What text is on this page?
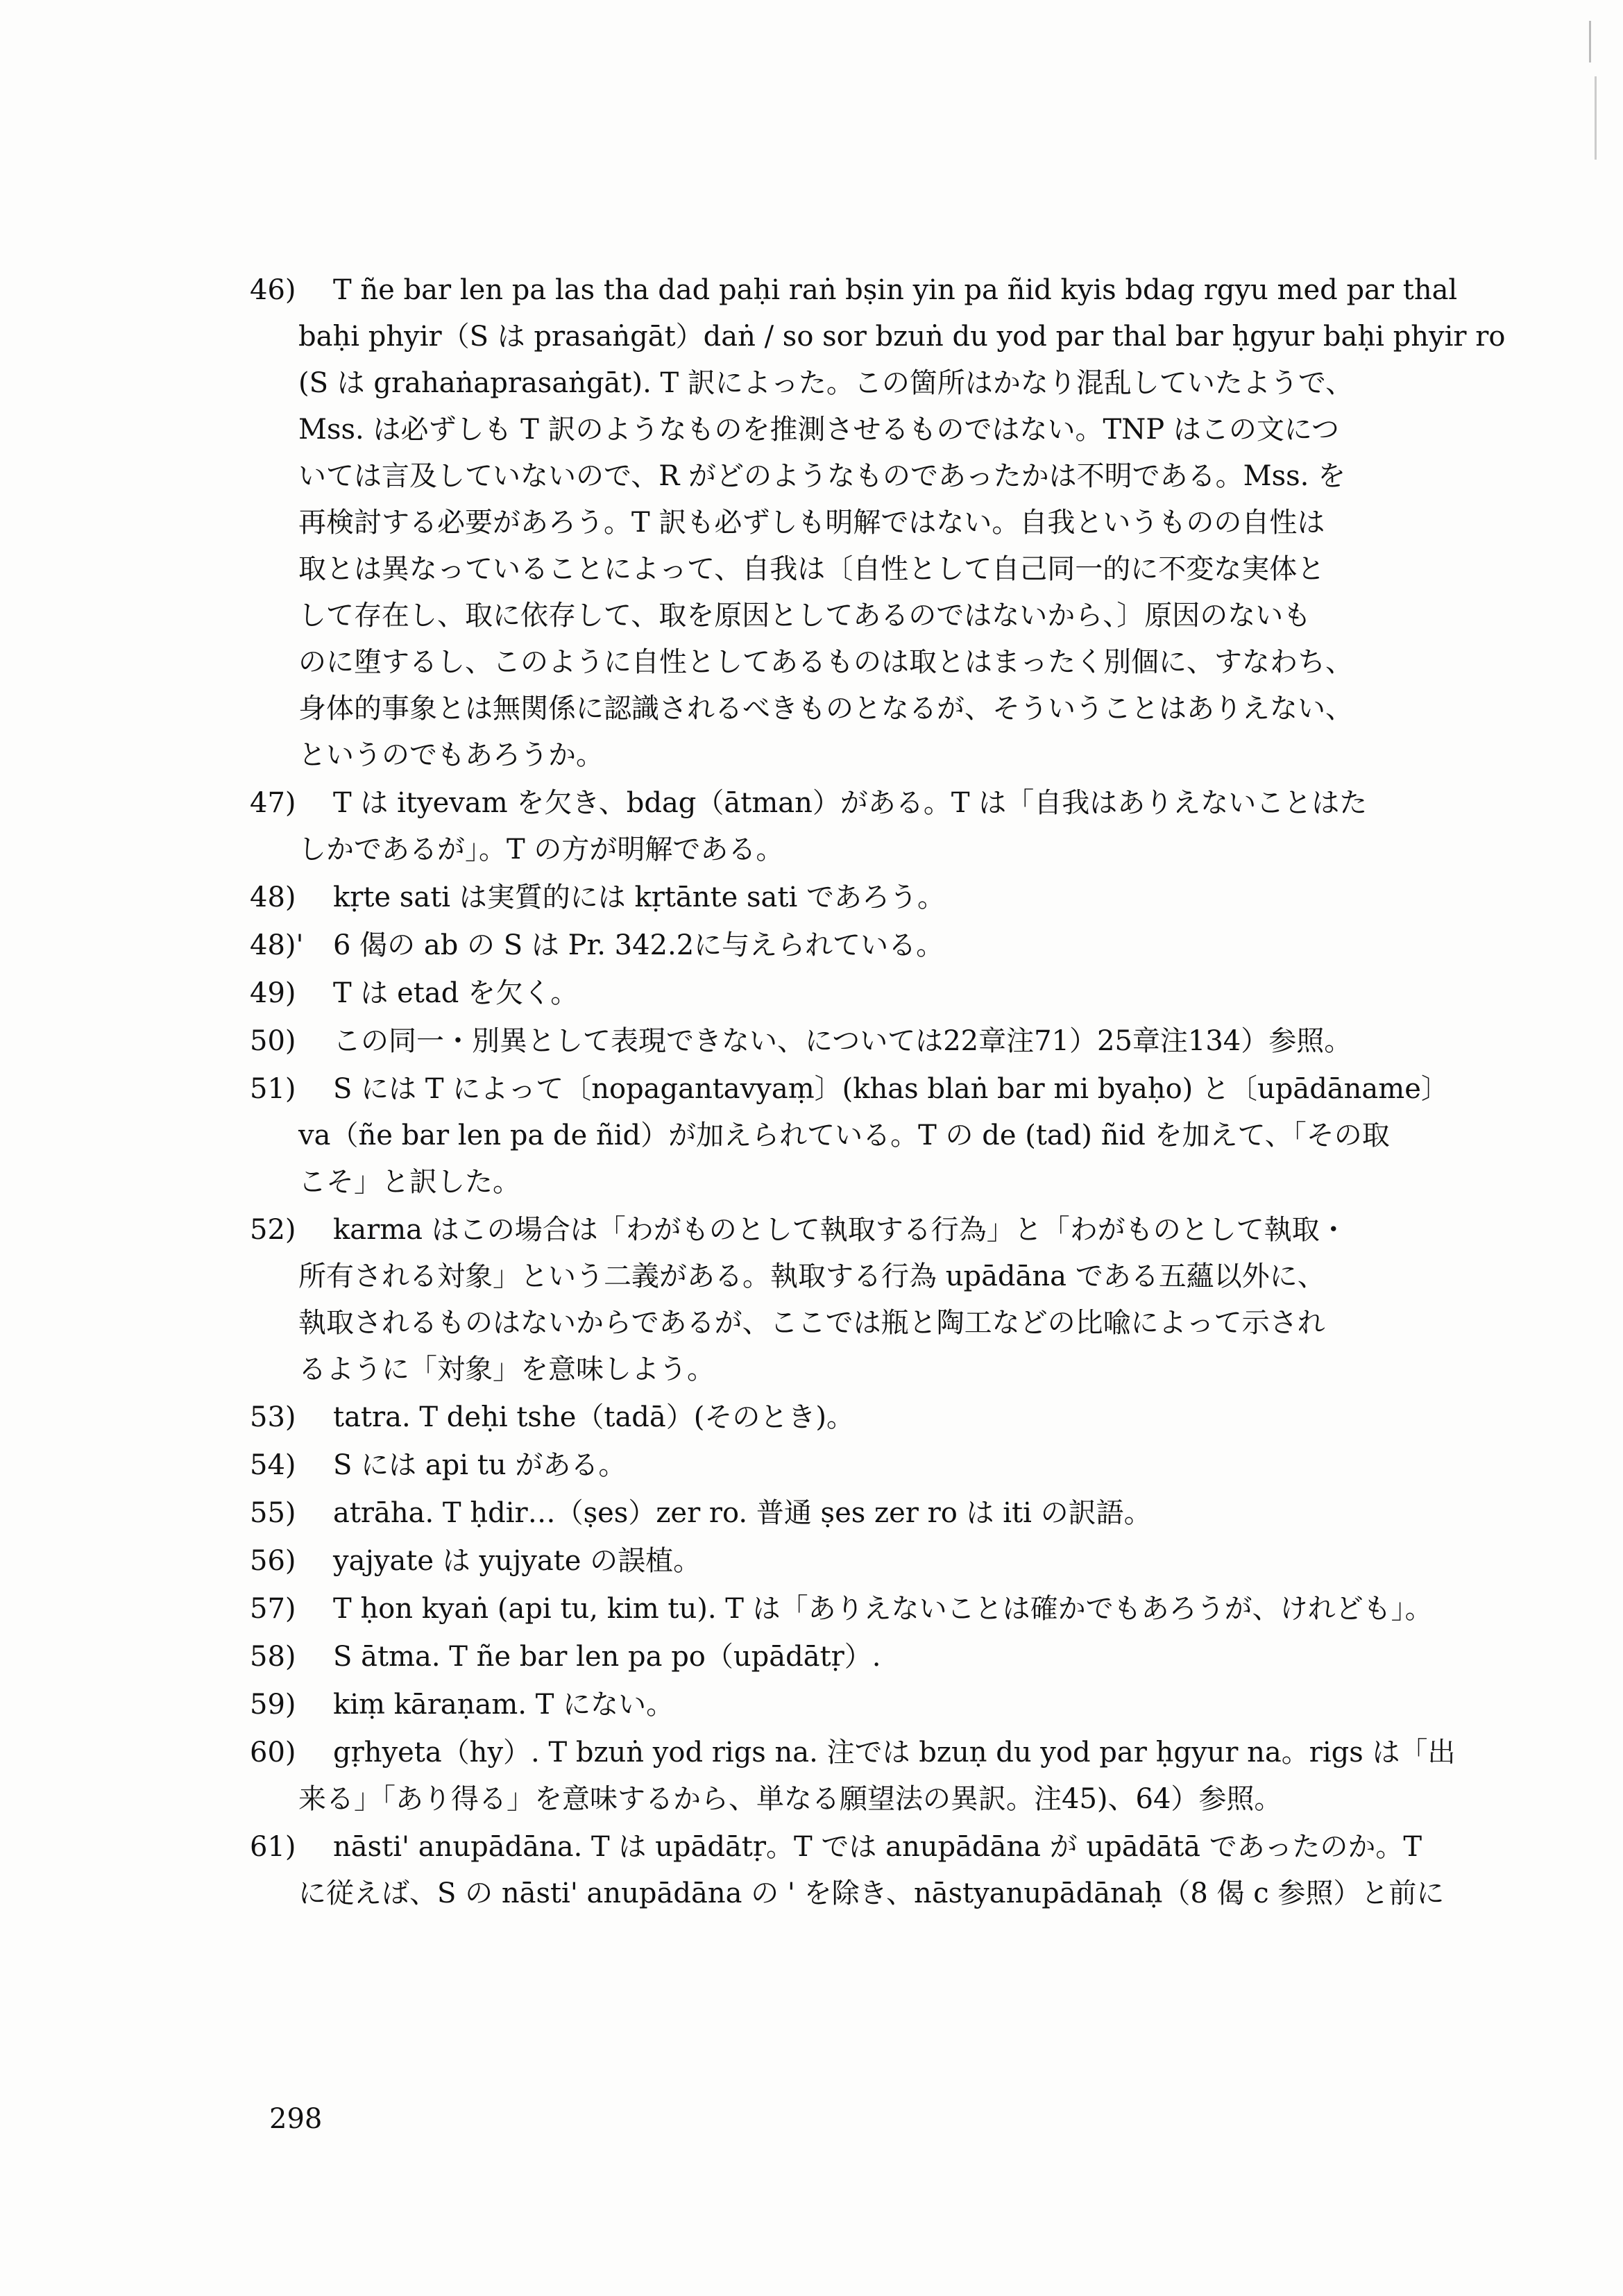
46)	T ñe bar len pa las tha dad paḥi raṅ bṣin yin pa ñid kyis bdag rgyu med par thal
baḥi phyir（S は prasaṅgāt）daṅ / so sor bzuṅ du yod par thal bar ḥgyur baḥi phyir ro
(S は grahaṅaprasaṅgāt). T 訳によった。この箇所はかなり混乱していたようで、
Mss. は必ずしも T 訳のようなものを推測させるものではない。TNP はこの文につ
いては言及していないので、R がどのようなものであったかは不明である。Mss. を
再検討する必要があろう。T 訳も必ずしも明解ではない。自我というものの自性は
取とは異なっていることによって、自我は〔自性として自己同一的に不変な実体と
して存在し、取に依存して、取を原因としてあるのではないから、〕原因のないも
のに堕するし、このように自性としてあるものは取とはまったく別個に、すなわち、
身体的事象とは無関係に認識されるべきものとなるが、そういうことはありえない、
というのでもあろうか。
47)	T は ityevam を欠き、bdag（ātman）がある。T は「自我はありえないことはた
しかであるが」。T の方が明解である。
48)	kṛte sati は実質的には kṛtānte sati であろう。
48)'	6 偈の ab の S は Pr. 342.2に与えられている。
49)	T は etad を欠く。
50)	この同一・別異として表現できない、については22章注71）25章注134）参照。
51)	S には T によって〔nopagantavyaṃ〕(khas blaṅ bar mi byaḥo) と〔upādāname〕
va（ñe bar len pa de ñid）が加えられている。T の de (tad) ñid を加えて、「その取
こそ」と訳した。
52)	karma はこの場合は「わがものとして執取する行為」と「わがものとして執取・
所有される対象」という二義がある。執取する行為 upādāna である五蘊以外に、
執取されるものはないからであるが、ここでは瓶と陶工などの比喩によって示され
るように「対象」を意味しよう。
53)	tatra. T deḥi tshe（tadā）(そのとき)。
54)	S には api tu がある。
55)	atrāha. T ḥdir…（ṣes）zer ro. 普通 ṣes zer ro は iti の訳語。
56)	yajyate は yujyate の誤植。
57)	T ḥon kyaṅ (api tu, kim tu). T は「ありえないことは確かでもあろうが、けれども」。
58)	S ātma. T ñe bar len pa po（upādātṛ）.
59)	kiṃ kāraṇam. T にない。
60)	gṛhyeta（hy）. T bzuṅ yod rigs na. 注では bzuṇ du yod par ḥgyur na。rigs は「出
来る」「あり得る」を意味するから、単なる願望法の異訳。注45)、64）参照。
61)	nāsti' anupādāna. T は upādātṛ。T では anupādāna が upādātā であったのか。T
に従えば、S の nāsti' anupādāna の ' を除き、nāstyanupādānaḥ（8 偈 c 参照）と前に
298
